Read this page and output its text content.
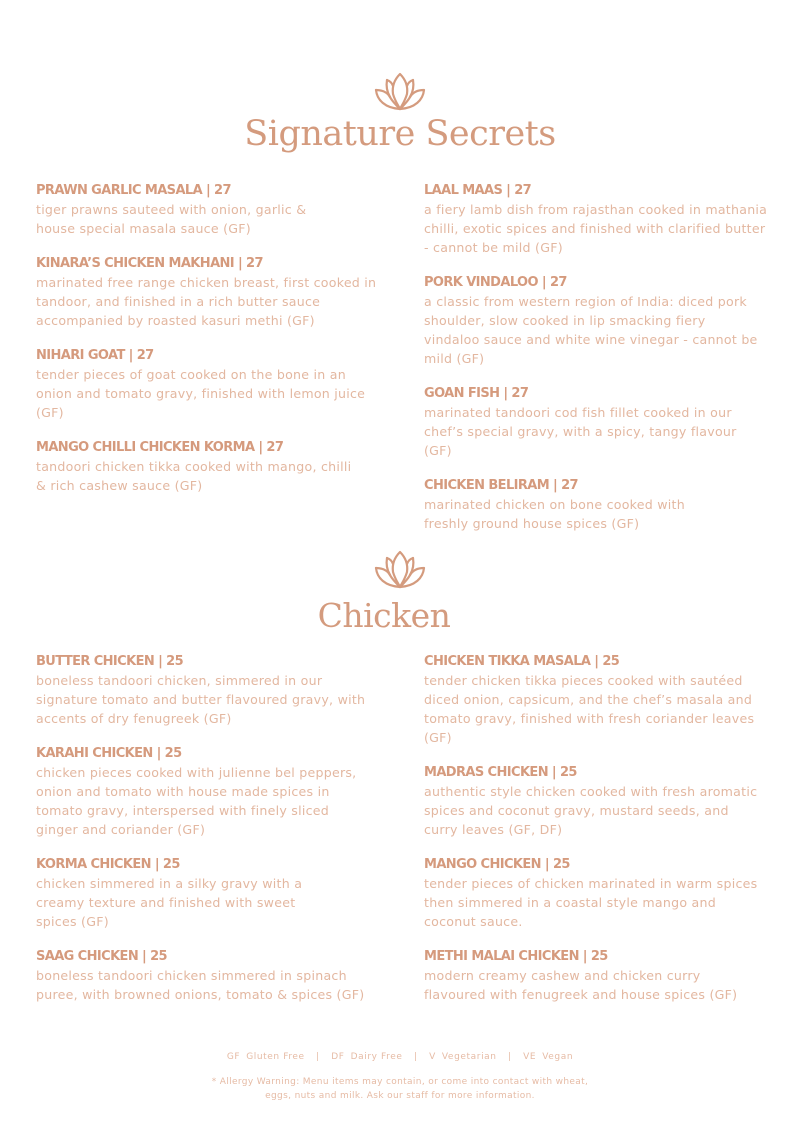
Signature Secrets

PRAWN GARLIC MASALA | 27

tiger prawns sauteed with onion, garlic & house special masala sauce (GF)

KINARA’S CHICKEN MAKHANI | 27

marinated free range chicken breast, first cooked in tandoor, and finished in a rich butter sauce accompanied by roasted kasuri methi (GF)

NIHARI GOAT | 27

tender pieces of goat cooked on the bone in an onion and tomato gravy, finished with lemon juice (GF)

MANGO CHILLI CHICKEN KORMA | 27

tandoori chicken tikka cooked with mango, chilli & rich cashew sauce (GF)

LAAL MAAS | 27

a fiery lamb dish from rajasthan cooked in mathania chilli, exotic spices and finished with clarified butter - cannot be mild (GF)

PORK VINDALOO | 27

a classic from western region of India: diced pork shoulder, slow cooked in lip smacking fiery vindaloo sauce and white wine vinegar - cannot be mild (GF)

GOAN FISH | 27

marinated tandoori cod fish fillet cooked in our chef’s special gravy, with a spicy, tangy flavour (GF)

CHICKEN BELIRAM | 27

marinated chicken on bone cooked with freshly ground house spices (GF)

Chicken

BUTTER CHICKEN | 25

boneless tandoori chicken, simmered in our signature tomato and butter flavoured gravy, with accents of dry fenugreek (GF)

KARAHI CHICKEN | 25

chicken pieces cooked with julienne bel peppers, onion and tomato with house made spices in tomato gravy, interspersed with finely sliced ginger and coriander (GF)

KORMA CHICKEN | 25

chicken simmered in a silky gravy with a creamy texture and finished with sweet spices (GF)

SAAG CHICKEN | 25

boneless tandoori chicken simmered in spinach puree, with browned onions, tomato & spices (GF)

CHICKEN TIKKA MASALA | 25

tender chicken tikka pieces cooked with sautéed diced onion, capsicum, and the chef’s masala and tomato gravy, finished with fresh coriander leaves (GF)

MADRAS CHICKEN | 25

authentic style chicken cooked with fresh aromatic spices and coconut gravy, mustard seeds, and curry leaves (GF, DF)

MANGO CHICKEN | 25

tender pieces of chicken marinated in warm spices then simmered in a coastal style mango and coconut sauce.

METHI MALAI CHICKEN | 25

modern creamy cashew and chicken curry flavoured with fenugreek and house spices (GF)

GF Gluten Free | DF Dairy Free | V Vegetarian | VE Vegan
* Allergy Warning: Menu items may contain, or come into contact with wheat,
eggs, nuts and milk. Ask our staff for more information.
